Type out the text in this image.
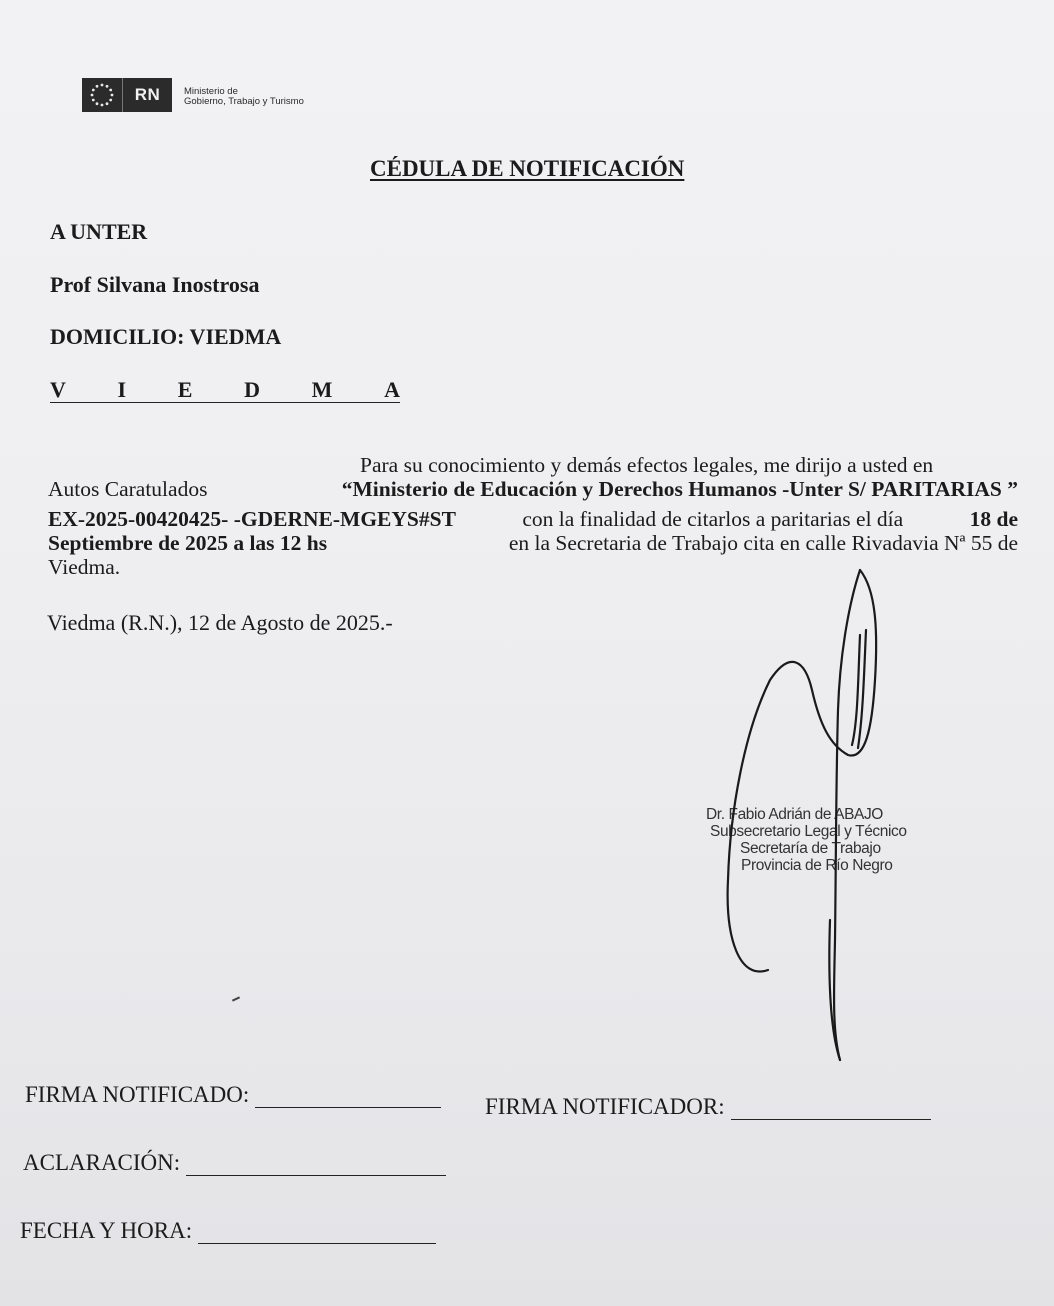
RN	Ministerio de
Gobierno, Trabajo y Turismo
CÉDULA DE NOTIFICACIÓN
A UNTER
Prof Silvana Inostrosa
DOMICILIO: VIEDMA
V I E D M A
Para su conocimiento y demás efectos legales, me dirijo a usted en
Autos Caratulados	“Ministerio de Educación y Derechos Humanos -Unter S/ PARITARIAS ”
EX-2025-00420425- -GDERNE-MGEYS#ST	con la finalidad de citarlos a paritarias el día	18 de
Septiembre de 2025 a las 12 hs	en la Secretaria de Trabajo cita en calle Rivadavia Nª 55 de
Viedma.
Viedma (R.N.), 12 de Agosto de 2025.-
Dr. Fabio Adrián de ABAJO
Subsecretario Legal y Técnico
Secretaría de Trabajo
Provincia de Río Negro
FIRMA NOTIFICADO:	FIRMA NOTIFICADOR:
ACLARACIÓN:
FECHA Y HORA:
